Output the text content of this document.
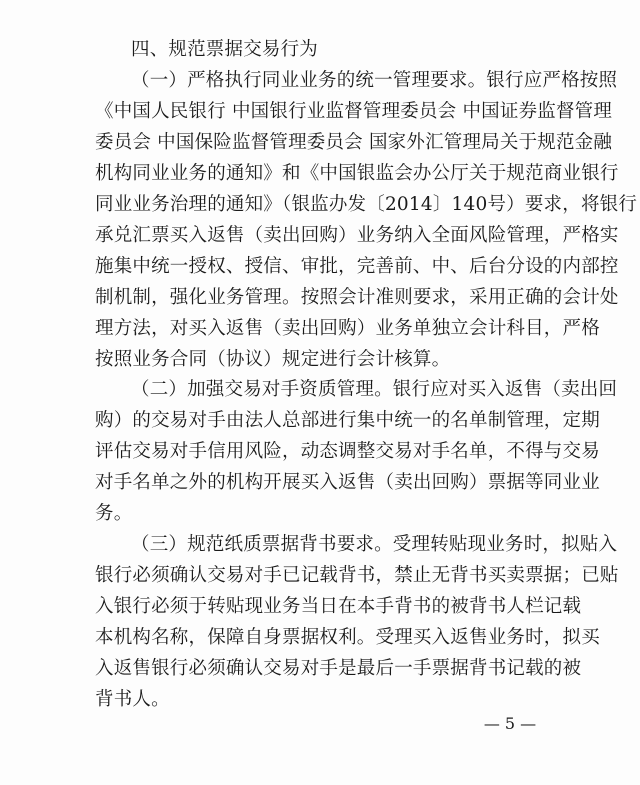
四、规范票据交易行为
（一）严格执行同业业务的统一管理要求。银行应严格按照
《中国人民银行 中国银行业监督管理委员会 中国证券监督管理
委员会 中国保险监督管理委员会 国家外汇管理局关于规范金融
机构同业业务的通知》和《中国银监会办公厅关于规范商业银行
同业业务治理的通知》（银监办发〔2014〕140号）要求，将银行
承兑汇票买入返售（卖出回购）业务纳入全面风险管理，严格实
施集中统一授权、授信、审批，完善前、中、后台分设的内部控
制机制，强化业务管理。按照会计准则要求，采用正确的会计处
理方法，对买入返售（卖出回购）业务单独立会计科目，严格
按照业务合同（协议）规定进行会计核算。
（二）加强交易对手资质管理。银行应对买入返售（卖出回
购）的交易对手由法人总部进行集中统一的名单制管理，定期
评估交易对手信用风险，动态调整交易对手名单，不得与交易
对手名单之外的机构开展买入返售（卖出回购）票据等同业业
务。
（三）规范纸质票据背书要求。受理转贴现业务时，拟贴入
银行必须确认交易对手已记载背书，禁止无背书买卖票据；已贴
入银行必须于转贴现业务当日在本手背书的被背书人栏记载
本机构名称，保障自身票据权利。受理买入返售业务时，拟买
入返售银行必须确认交易对手是最后一手票据背书记载的被
背书人。
— 5 —
